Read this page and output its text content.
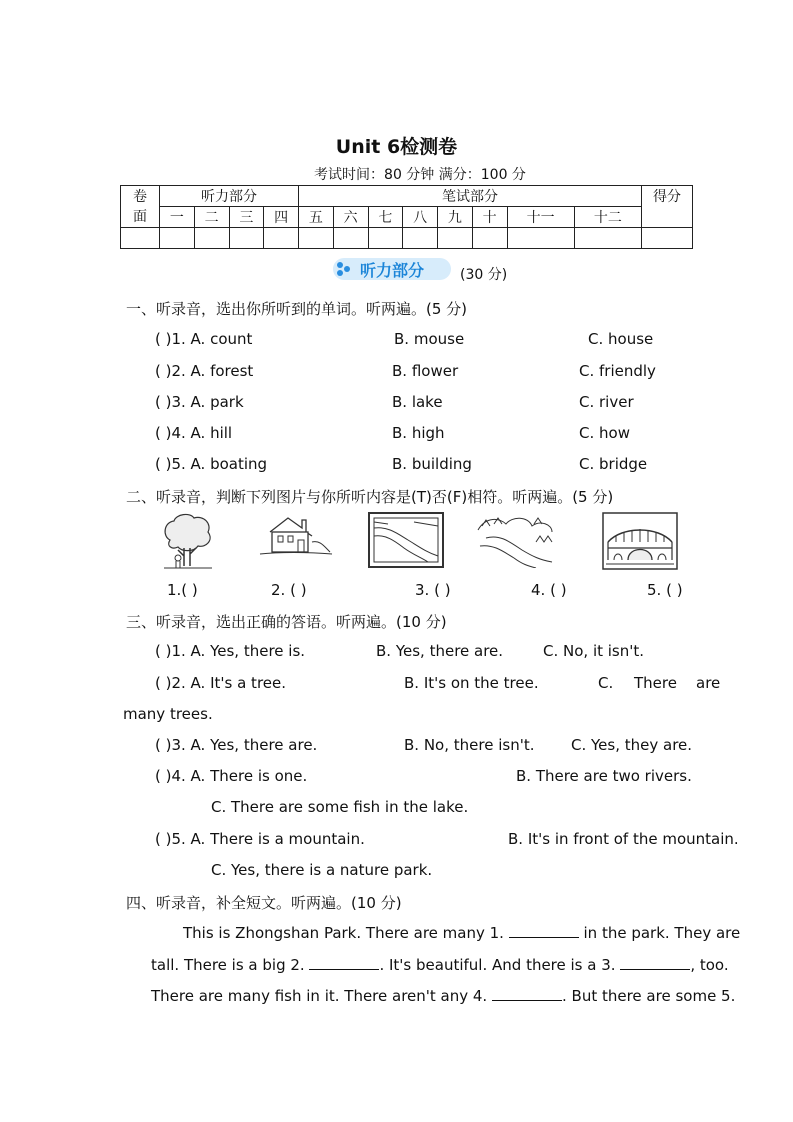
Unit 6检测卷
考试时间：80 分钟 满分：100 分
卷
面	听力部分				笔试部分								得分
	一	二	三	四	五	六	七	八	九	十	十一	十二	

听力部分	(30 分)
一、听录音，选出你所听到的单词。听两遍。(5 分)
( )1. A. count	B. mouse	C. house
( )2. A. forest	B. flower	C. friendly
( )3. A. park	B. lake	C. river
( )4. A. hill	B. high	C. how
( )5. A. boating	B. building	C. bridge
二、听录音，判断下列图片与你所听内容是(T)否(F)相符。听两遍。(5 分)
1.( )	2. ( )	3. ( )	4. ( )	5. ( )
三、听录音，选出正确的答语。听两遍。(10 分)
( )1. A. Yes, there is.	B. Yes, there are.	C. No, it isn't.
( )2. A. It's a tree.	B. It's on the tree.	C. There are
many trees.
( )3. A. Yes, there are.	B. No, there isn't. C. Yes, they are.
( )4. A. There is one.	B. There are two rivers.
C. There are some fish in the lake.
( )5. A. There is a mountain.	B. It's in front of the mountain.
C. Yes, there is a nature park.
四、听录音，补全短文。听两遍。(10 分)
This is Zhongshan Park. There are many 1.	in the park. They are
tall. There is a big 2.	. It's beautiful. And there is a 3.	, too.
There are many fish in it. There aren't any 4.	. But there are some 5.
